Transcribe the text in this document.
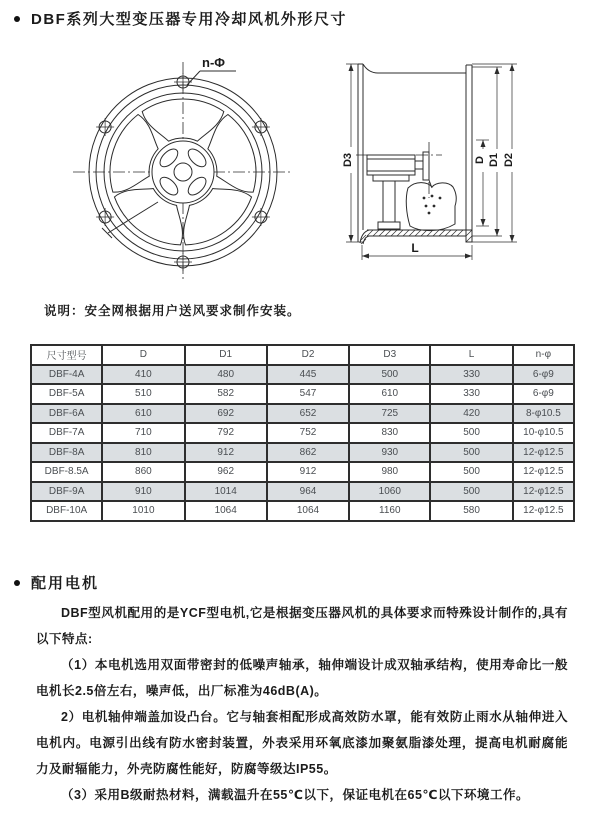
DBF系列大型变压器专用冷却风机外形尺寸
n-Φ
D3	D D1 D2
L
说明：安全网根据用户送风要求制作安装。
尺寸型号	D	D1	D2	D3	L	n-φ
DBF-4A	410	480	445	500	330	6-φ9
DBF-5A	510	582	547	610	330	6-φ9
DBF-6A	610	692	652	725	420	8-φ10.5
DBF-7A	710	792	752	830	500	10-φ10.5
DBF-8A	810	912	862	930	500	12-φ12.5
DBF-8.5A	860	962	912	980	500	12-φ12.5
DBF-9A	910	1014	964	1060	500	12-φ12.5
DBF-10A	1010	1064	1064	1160	580	12-φ12.5
配用电机

DBF型风机配用的是YCF型电机,它是根据变压器风机的具体要求而特殊设计制作的,具有以下特点:

（1）本电机选用双面带密封的低噪声轴承，轴伸端设计成双轴承结构，使用寿命比一般电机长2.5倍左右，噪声低，出厂标准为46dB(A)。

2）电机轴伸端盖加设凸台。它与轴套相配形成高效防水罩，能有效防止雨水从轴伸进入电机内。电源引出线有防水密封装置，外表采用环氧底漆加聚氨脂漆处理，提高电机耐腐能力及耐辐能力，外壳防腐性能好，防腐等级达IP55。

（3）采用B级耐热材料，满载温升在55℃以下，保证电机在65℃以下环境工作。
